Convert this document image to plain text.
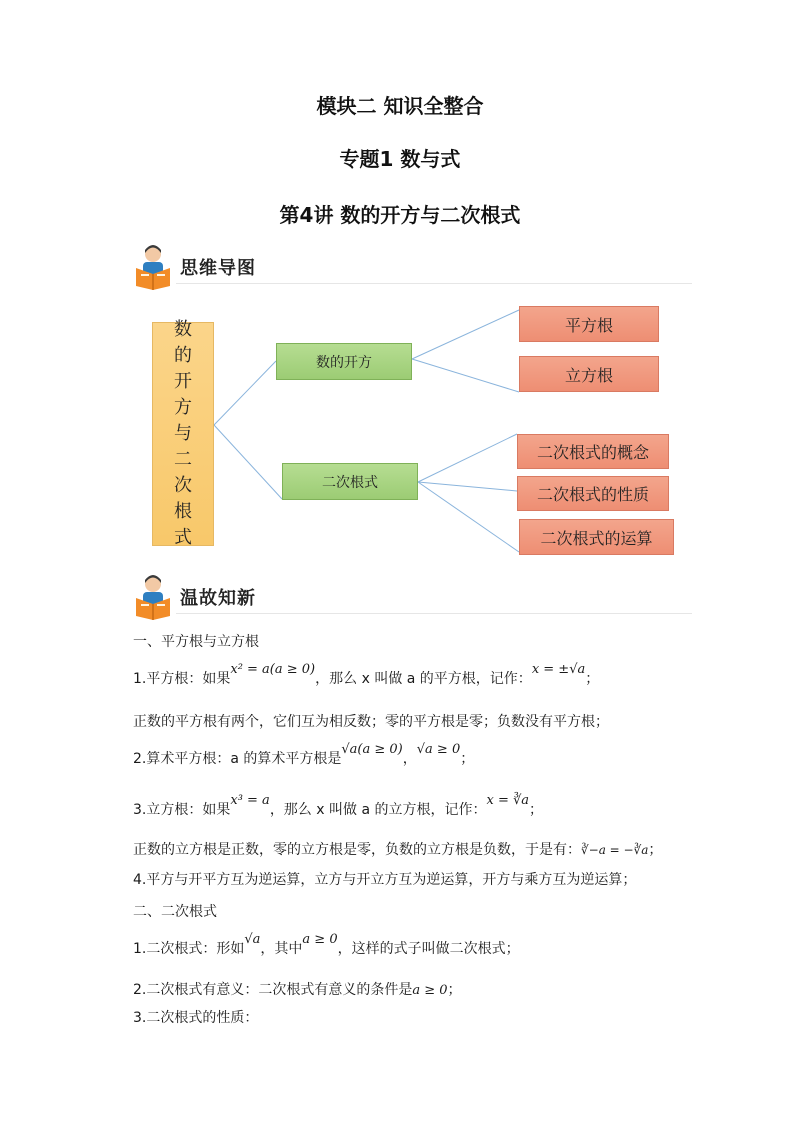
模块二 知识全整合
专题1 数与式
第4讲 数的开方与二次根式
思维导图
数
的
开
方
与
二
次
根
式
数的开方
二次根式
平方根
立方根
二次根式的概念
二次根式的性质
二次根式的运算
温故知新
一、平方根与立方根
1.平方根：如果x² = a(a ≥ 0)，那么 x 叫做 a 的平方根，记作：x = ±√a；
正数的平方根有两个，它们互为相反数；零的平方根是零；负数没有平方根；
2.算术平方根：a 的算术平方根是√a(a ≥ 0)，√a ≥ 0；
3.立方根：如果x³ = a，那么 x 叫做 a 的立方根，记作：x = ∛a；
正数的立方根是正数，零的立方根是零，负数的立方根是负数，于是有：∛−a = −∛a；
4.平方与开平方互为逆运算，立方与开立方互为逆运算，开方与乘方互为逆运算；
二、二次根式
1.二次根式：形如√a，其中a ≥ 0，这样的式子叫做二次根式；
2.二次根式有意义：二次根式有意义的条件是a ≥ 0；
3.二次根式的性质：
